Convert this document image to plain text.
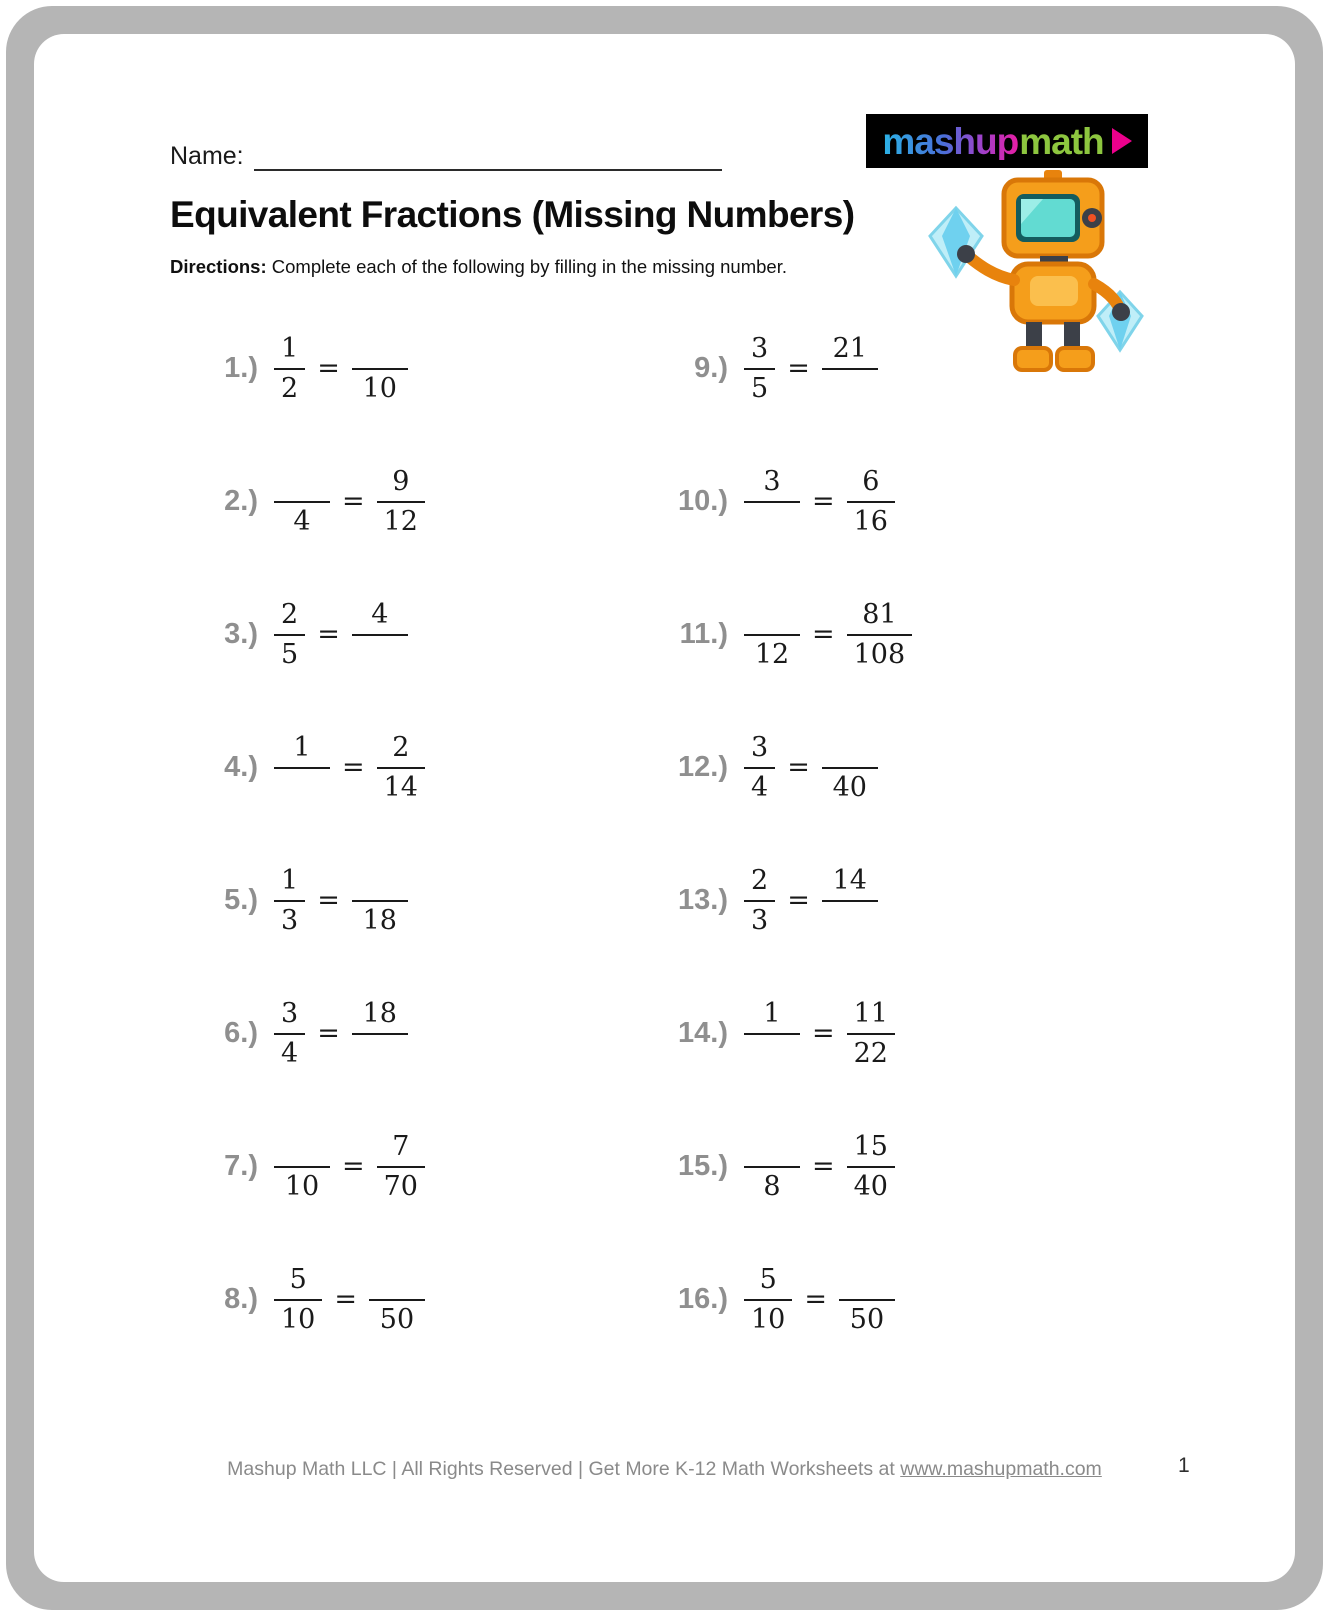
Name:	mashup math
Equivalent Fractions (Missing Numbers)

Directions: Complete each of the following by filling in the missing number.

$1.) \frac{1}{2}$ =

10
2.)

4
= $\frac{9}{12}$
$3.) \frac{2}{5}$ =
4

4.)
1

= $\frac{2}{14}$
$5.) \frac{1}{3}$ =

18
$6.) \frac{3}{4}$ =
18

7.)

10
= $\frac{7}{70}$
$8.) \frac{5}{10}$ =

50
$9.) \frac{3}{5}$ =
21

10.)
3

= $\frac{6}{16}$
11.)

12
= $\frac{81}{108}$
$12.) \frac{3}{4}$ =

40
$13.) \frac{2}{3}$ =
14

14.)
1

= $\frac{11}{22}$
15.)

8
= $\frac{15}{40}$
$16.) \frac{5}{10}$ =

50
Mashup Math LLC | All Rights Reserved | Get More K-12 Math Worksheets at www.mashupmath.com	1
